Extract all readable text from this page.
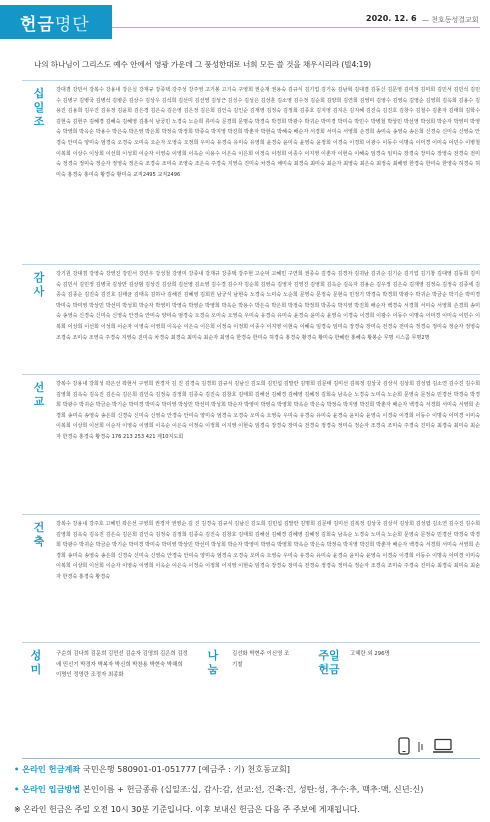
헌금 명단	2020. 12. 6 — 천호동성결교회
나의 하나님이 그리스도 예수 안에서 영광 가운데 그 풍성한대로 너희 모든 쓸 것을 채우시리라 (빌4:19)
십
일
조
강대겸 강민서 강복수 강용내 강은실 강재규 강종택 강주성 강주영 고기봉 고기숙 구영희 권순재 권용숙 김규식 김기업 김기웅 김남혁 김대겸 김동신 김문영 김미정 김미희 김민서 김민석 김민수 김병구 김병국 김병석 김병준 김상수 김상우 김석희 김선미 김선영 김성근 김성수 김성은 김성훈 김소영 김수정 김순희 김양희 김연희 김영미 김영수 김영숙 김영순 김영희 김옥희 김용수 김용진 김용희 김우진 김유정 김윤희 김은경 김은숙 김은영 김은정 김은희 김인숙 김인순 김재영 김정숙 김정희 김종호 김지영 김지은 김지혜 김진숙 김진호 김창수 김철수 김춘자 김태희 김학수 김현숙 김현주 김혜경 김혜숙 김혜영 김홍식 남궁민 노경숙 노순희 류미숙 문경희 문명숙 박경숙 박경희 박광수 박귀순 박미경 박미숙 박민수 박병철 박상민 박선영 박성희 박순자 박영미 박영숙 박영희 박옥순 박용수 박은숙 박은영 박은희 박정숙 박정희 박종숙 박지영 박진희 박춘자 박현숙 박혜숙 배순자 서경희 서미숙 서영희 손경희 송미숙 송영숙 송은희 신경숙 신미숙 신영숙 안경숙 안미숙 양미숙 엄경숙 오경숙 오미숙 오순자 오영숙 오정희 우미숙 유경숙 유미숙 유영희 윤경숙 윤미숙 윤영숙 윤정희 이경숙 이경희 이광수 이동수 이명숙 이미경 이미숙 이민수 이병철 이복희 이상수 이상희 이선희 이성희 이순자 이영숙 이영희 이옥순 이용수 이은숙 이은희 이정숙 이정희 이종수 이지영 이춘자 이현숙 이혜숙 임경숙 임미숙 장경숙 장미숙 장영숙 전경숙 전미숙 정경숙 정미숙 정순자 정영숙 정은숙 조경숙 조미숙 조영숙 조은숙 주경숙 지영숙 진미숙 차경숙 채미숙 최경숙 최미숙 최순자 최영숙 최은숙 최정숙 최해영 한경숙 한미숙 한영숙 허경숙 허미숙 홍경숙 홍미숙 황경숙 황미숙 교직2495 교직2496
감
사
강기원 강대겸 강영숙 강영진 강민서 강민우 강성철 강영미 강종내 강재규 강종택 강주현 고순덕 고혜민 구연희 권종숙 김경숙 김경자 김귀남 김귀순 김기순 김기업 김기창 김대영 김동희 김미숙 김민서 김민정 김병국 김상만 김상범 김상진 김상희 김선영 김소영 김수경 김수자 김순희 김영숙 김영자 김영진 김영희 김옥순 김옥자 김용순 김우정 김은숙 김재영 김정숙 김정숙 김종세 김종숙 김종순 김진숙 김진호 김태균 김태옥 김하나 김해진 김혜영 김희원 남궁식 남현숙 노경숙 노미숙 노순희 문영숙 문정숙 문현숙 민정기 박경숙 박경희 박광수 박귀순 박금순 박기순 박미경 박미숙 박미영 박상민 박선미 박성희 박순자 박영미 박영숙 박영순 박영희 박옥순 박용수 박은숙 박은희 박정숙 박정희 박종숙 박지영 박진희 배순자 백경숙 서경희 서미숙 서영희 손경희 송미숙 송영숙 신경숙 신미숙 신영숙 안경숙 안미숙 양미숙 엄경숙 오경숙 오미숙 오영숙 우미숙 유경숙 유미숙 윤경숙 윤미숙 윤영숙 이경숙 이경희 이광수 이동수 이명숙 이미경 이미숙 이민수 이복희 이상희 이선희 이성희 이순자 이영숙 이영희 이옥순 이은숙 이은희 이정숙 이정희 이종수 이지영 이현숙 이혜숙 임경숙 임미숙 장경숙 장미숙 전경숙 전미숙 정경숙 정미숙 정순자 정영숙 조경숙 조미숙 조영숙 주경숙 지영숙 진미숙 차경숙 최경숙 최미숙 최순자 최영숙 한경숙 한미숙 허경숙 홍경숙 황경숙 황미숙 한혜란 홍혜숙 황봉순 무명 시스콤 무명2명
선
교
강복수 강용내 강희성 곽은선 곽현서 구영희 권경자 김 진 김경숙 김경희 김규식 김남신 김도희 김민섭 김말란 김명희 김문태 김미선 김복정 김상국 김상식 김상희 김성엽 김소연 김수진 김수희 김영희 김옥숙 김옥진 김은숙 김은희 김인숙 김정숙 김정희 김종숙 김진숙 김창호 김태희 김해선 김혜경 김혜영 김혜정 김희숙 남옥순 노경숙 노미숙 노순희 문영숙 문정숙 민경선 박경숙 박경희 박광수 박귀순 박금순 박기순 박미경 박미숙 박미영 박상민 박선미 박성희 박순자 박영미 박영숙 박영희 박옥순 박은숙 박정숙 박지영 박진희 박춘자 배순자 백경숙 서경희 서미숙 서영희 손경희 송미숙 송영숙 송은희 신경숙 신미숙 신영숙 안경숙 안미숙 양미숙 엄경숙 오경숙 오미숙 오영숙 우미숙 유경숙 유미숙 윤경숙 윤미숙 윤영숙 이경숙 이경희 이동수 이명숙 이미경 이미숙 이복희 이상희 이선희 이순자 이영숙 이영희 이옥순 이은숙 이정숙 이정희 이지영 이현숙 임경숙 장경숙 장미숙 전경숙 정경숙 정미숙 정순자 조경숙 조미숙 주경숙 진미숙 최경숙 최미숙 최순자 한경숙 홍경숙 황경숙 176 213 253 421 제10지도회
건
축
강복수 강용내 강주호 고혜민 곽은선 구영희 권경자 권영순 김 진 김경숙 김규식 김남신 김도희 김민섭 김말란 김명희 김문태 김미선 김복정 김상국 김상식 김상희 김성엽 김소연 김수진 김수희 김영희 김옥숙 김옥진 김은숙 김은희 김인숙 김정숙 김정희 김종숙 김진숙 김창호 김태희 김해선 김혜경 김혜영 김혜정 김희숙 남옥순 노경숙 노미숙 노순희 문영숙 문정숙 민경선 박경숙 박경희 박광수 박귀순 박금순 박기순 박미경 박미숙 박미영 박상민 박선미 박성희 박순자 박영미 박영숙 박영희 박옥순 박은숙 박정숙 박지영 박진희 박춘자 배순자 백경숙 서경희 서미숙 서영희 손경희 송미숙 송영숙 송은희 신경숙 신미숙 신영숙 안경숙 안미숙 양미숙 엄경숙 오경숙 오미숙 오영숙 우미숙 유경숙 유미숙 윤경숙 윤미숙 윤영숙 이경숙 이경희 이동수 이명숙 이미경 이미숙 이복희 이상희 이선희 이순자 이영숙 이영희 이옥순 이은숙 이정숙 이정희 이지영 이현숙 임경숙 장경숙 장미숙 전경숙 정경숙 정미숙 정순자 조경숙 조미숙 주경숙 진미숙 최경숙 최미숙 최순자 한경숙 홍경숙 황경숙
성
미
구순희 김나희 김문희 김민선 김순자 김영희 김은희 김정애 민신기 박경자 박복자 박신희 박찬용 박현숙 박해희 이명인 정영란 조정자 최종화
나
눔
김선화 박현주 이신영 조기철
주일
헌금
고혜란 외 296명
• 온라인 헌금계좌 국민은행 580901-01-051777 [예금주 : 기) 천호동교회]
• 온라인 입금방법 본인이름 + 헌금종류 (십일조:십, 감사:감, 선교:선, 건축:건, 성탄:성, 추수:추, 맥추:맥, 신년:신)
※ 온라인 헌금은 주일 오전 10시 30분 기준입니다. 이후 보내신 헌금은 다음 주 주보에 게재됩니다.
